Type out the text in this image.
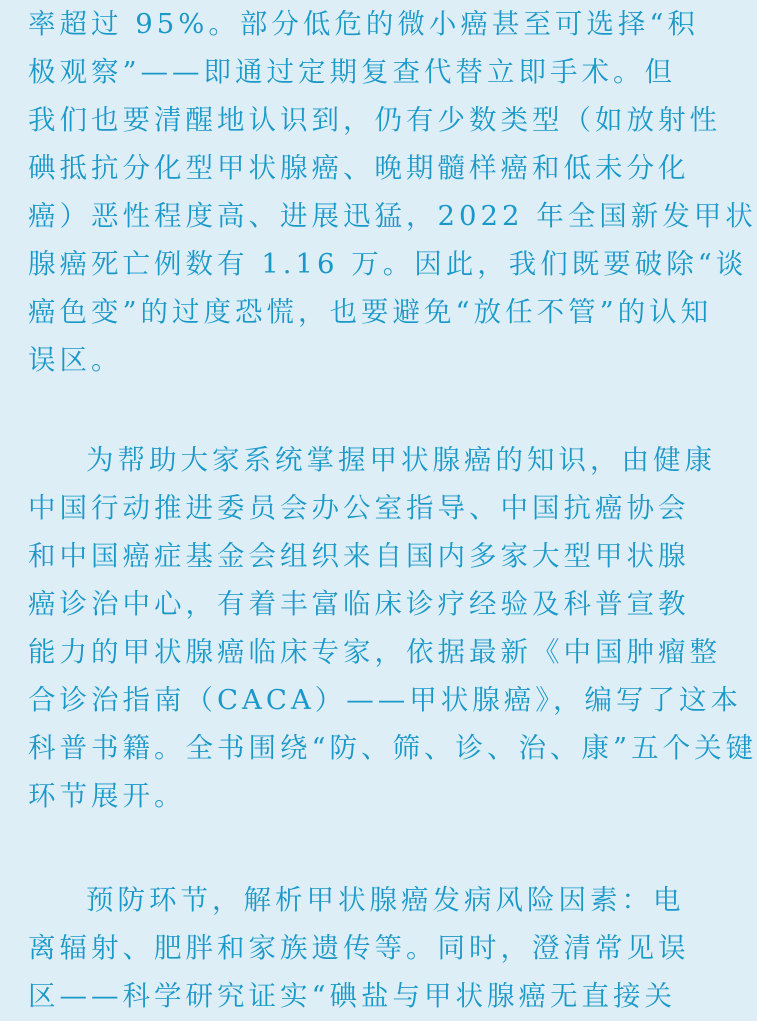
率超过 95%。部分低危的微小癌甚至可选择“积
极观察”——即通过定期复查代替立即手术。但
我们也要清醒地认识到，仍有少数类型（如放射性
碘抵抗分化型甲状腺癌、晚期髓样癌和低未分化
癌）恶性程度高、进展迅猛，2022 年全国新发甲状
腺癌死亡例数有 1.16 万。因此，我们既要破除“谈
癌色变”的过度恐慌，也要避免“放任不管”的认知
误区。
为帮助大家系统掌握甲状腺癌的知识，由健康
中国行动推进委员会办公室指导、中国抗癌协会
和中国癌症基金会组织来自国内多家大型甲状腺
癌诊治中心，有着丰富临床诊疗经验及科普宣教
能力的甲状腺癌临床专家，依据最新《中国肿瘤整
合诊治指南（CACA）——甲状腺癌》，编写了这本
科普书籍。全书围绕“防、筛、诊、治、康”五个关键
环节展开。
预防环节，解析甲状腺癌发病风险因素：电
离辐射、肥胖和家族遗传等。同时，澄清常见误
区——科学研究证实“碘盐与甲状腺癌无直接关
